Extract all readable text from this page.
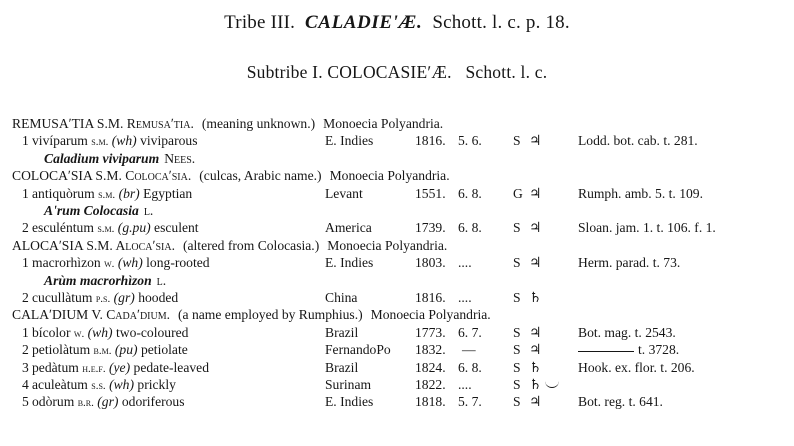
Tribe III. CALADIEʹÆ. Schott. l. c. p. 18.
Subtribe I. COLOCASIEʹÆ. Schott. l. c.
REMUSAʹTIA S.M. Remusaʹtia. (meaning unknown.) Monoecia Polyandria.
1 vivíparum s.m. (wh) viviparous	E. Indies	1816. 5. 6. S ♃	Lodd. bot. cab. t. 281.
Caladium viviparum Nees.
COLOCAʹSIA S.M. Colocaʹsia. (culcas, Arabic name.) Monoecia Polyandria.
1 antiquòrum s.m. (br) Egyptian	Levant	1551. 6. 8. G ♃	Rumph. amb. 5. t. 109.
Aʹrum Colocasia l.
2 esculéntum s.m. (g.pu) esculent	America	1739. 6. 8. S ♃	Sloan. jam. 1. t. 106. f. 1.
ALOCAʹSIA S.M. Alocaʹsia. (altered from Colocasia.) Monoecia Polyandria.
1 macrorhìzon w. (wh) long-rooted	E. Indies	1803. ....	S ♃	Herm. parad. t. 73.
Arùm macrorhìzon l.
2 cucullàtum p.s. (gr) hooded	China	1816. ....	S ♄
CALAʹDIUM V. Cadaʹdium. (a name employed by Rumphius.) Monoecia Polyandria.
1 bícolor w. (wh) two-coloured	Brazil	1773. 6. 7. S ♃	Bot. mag. t. 2543.
2 petiolàtum b.m. (pu) petiolate	FernandoPo 1832. —	S ♃	t. 3728.
3 pedàtum h.e.f. (ye) pedate-leaved	Brazil	1824. 6. 8. S ♄	Hook. ex. flor. t. 206.
4 aculeàtum s.s. (wh) prickly	Surinam	1822. ....	S ♄
5 odòrum b.r. (gr) odoriferous	E. Indies	1818. 5. 7. S ♃	Bot. reg. t. 641.
